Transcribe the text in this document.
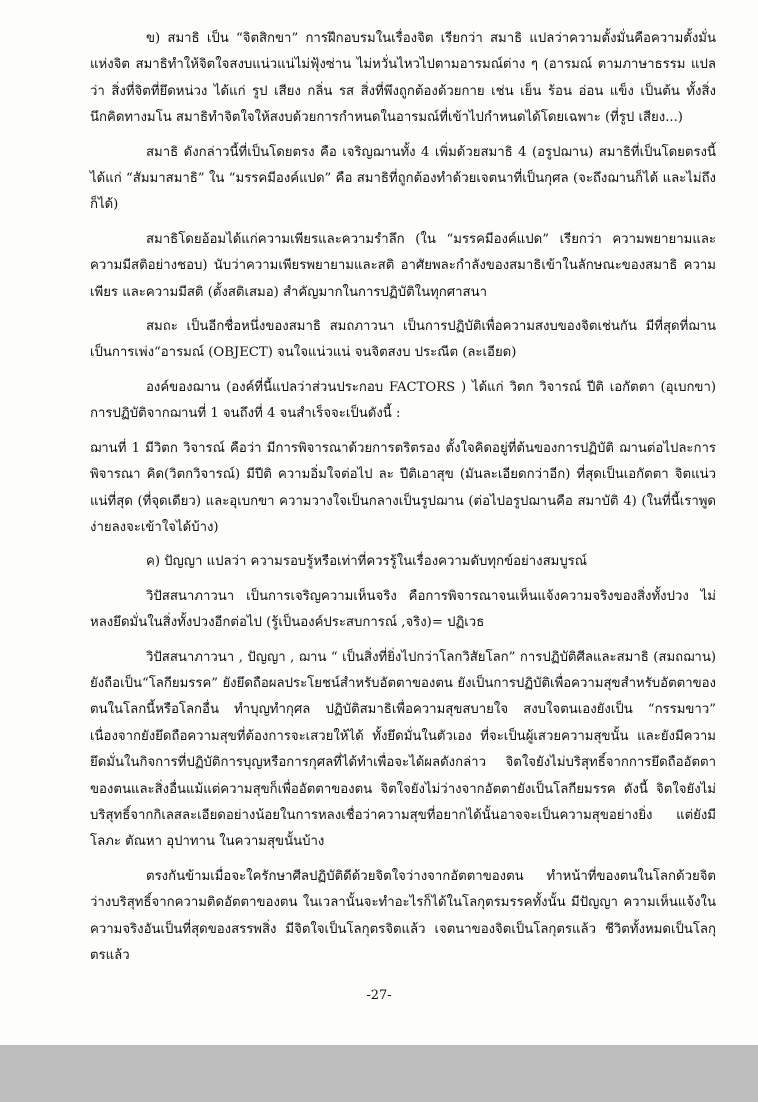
ข) สมาธิ เป็น “จิตสิกขา” การฝึกอบรมในเรื่องจิต เรียกว่า สมาธิ แปลว่าความตั้งมั่นคือความตั้งมั่นแห่งจิต สมาธิทำให้จิตใจสงบแน่วแน่ไม่ฟุ้งซ่าน ไม่หวั่นไหวไปตามอารมณ์ต่าง ๆ (อารมณ์ ตามภาษาธรรม แปลว่า สิ่งที่จิตที่ยึดหน่วง ได้แก่ รูป เสียง กลิ่น รส สิ่งที่พึงถูกต้องด้วยกาย เช่น เย็น ร้อน อ่อน แข็ง เป็นต้น ทั้งสิ่งนึกคิดทางมโน สมาธิทำจิตใจให้สงบด้วยการกำหนดในอารมณ์ที่เข้าไปกำหนดได้โดยเฉพาะ (ที่รูป เสียง...)

สมาธิ ดังกล่าวนี้ที่เป็นโดยตรง คือ เจริญฌานทั้ง 4 เพิ่มด้วยสมาธิ 4 (อรูปฌาน) สมาธิที่เป็นโดยตรงนี้ ได้แก่ “สัมมาสมาธิ” ใน “มรรคมีองค์แปด” คือ สมาธิที่ถูกต้องทำด้วยเจตนาที่เป็นกุศล (จะถึงฌานก็ได้ และไม่ถึงก็ได้)

สมาธิโดยอ้อมได้แก่ความเพียรและความรำลึก (ใน “มรรคมีองค์แปด” เรียกว่า ความพยายามและความมีสติอย่างชอบ) นับว่าความเพียรพยายามและสติ อาศัยพละกำลังของสมาธิเข้าในลักษณะของสมาธิ ความเพียร และความมีสติ (ตั้งสติเสมอ) สำคัญมากในการปฏิบัติในทุกศาสนา

สมถะ เป็นอีกชื่อหนึ่งของสมาธิ สมถภาวนา เป็นการปฏิบัติเพื่อความสงบของจิตเช่นกัน มีที่สุดที่ฌาน เป็นการเพ่ง“อารมณ์ (OBJECT) จนใจแน่วแน่ จนจิตสงบ ประณีต (ละเอียด)

องค์ของฌาน (องค์ที่นี้แปลว่าส่วนประกอบ FACTORS ) ได้แก่ วิตก วิจารณ์ ปีติ เอกัตตา (อุเบกขา) การปฏิบัติจากฌานที่ 1 จนถึงที่ 4 จนสำเร็จจะเป็นดังนี้ :

ฌานที่ 1 มีวิตก วิจารณ์ คือว่า มีการพิจารณาด้วยการตริตรอง ตั้งใจคิดอยู่ที่ต้นของการปฏิบัติ ฌานต่อไปละการพิจารณา คิด(วิตกวิจารณ์) มีปีติ ความอิ่มใจต่อไป ละ ปีติเอาสุข (มันละเอียดกว่าอีก) ที่สุดเป็นเอกัตตา จิตแน่วแน่ที่สุด (ที่จุดเดียว) และอุเบกขา ความวางใจเป็นกลางเป็นรูปฌาน (ต่อไปอรูปฌานคือ สมาบัติ 4) (ในที่นี้เราพูดง่ายลงจะเข้าใจได้บ้าง)

ค) ปัญญา แปลว่า ความรอบรู้หรือเท่าที่ควรรู้ในเรื่องความดับทุกข์อย่างสมบูรณ์

วิปัสสนาภาวนา เป็นการเจริญความเห็นจริง คือการพิจารณาจนเห็นแจ้งความจริงของสิ่งทั้งปวง ไม่หลงยึดมั่นในสิ่งทั้งปวงอีกต่อไป (รู้เป็นองค์ประสบการณ์ ,จริง)= ปฏิเวธ

วิปัสสนาภาวนา , ปัญญา , ฌาน “ เป็นสิ่งที่ยิ่งไปกว่าโลกวิสัยโลก” การปฏิบัติศีลและสมาธิ (สมถฌาน) ยังถือเป็น“โลกียมรรค” ยังยึดถือผลประโยชน์สำหรับอัตตาของตน ยังเป็นการปฏิบัติเพื่อความสุขสำหรับอัตตาของตนในโลกนี้หรือโลกอื่น ทำบุญทำกุศล ปฏิบัติสมาธิเพื่อความสุขสบายใจ สงบใจตนเองยังเป็น “กรรมขาว” เนื่องจากยังยึดถือความสุขที่ต้องการจะเสวยให้ได้ ทั้งยึดมั่นในตัวเอง ที่จะเป็นผู้เสวยความสุขนั้น และยังมีความยึดมั่นในกิจการที่ปฏิบัติการบุญหรือการกุศลที่ได้ทำเพื่อจะได้ผลดังกล่าว จิตใจยังไม่บริสุทธิ์จากการยึดถืออัตตาของตนและสิ่งอื่นแม้แต่ความสุขก็เพื่ออัตตาของตน จิตใจยังไม่ว่างจากอัตตายังเป็นโลกียมรรค ดังนี้ จิตใจยังไม่บริสุทธิ์จากกิเลสละเอียดอย่างน้อยในการหลงเชื่อว่าความสุขที่อยากได้นั้นอาจจะเป็นความสุขอย่างยิ่ง แต่ยังมี โลภะ ตัณหา อุปาทาน ในความสุขนั้นบ้าง

ตรงกันข้ามเมื่อจะใครักษาศีลปฏิบัติดีด้วยจิตใจว่างจากอัตตาของตน ทำหน้าที่ของตนในโลกด้วยจิตว่างบริสุทธิ์จากความติดอัตตาของตน ในเวลานั้นจะทำอะไรก็ได้ในโลกุตรมรรคทั้งนั้น มีปัญญา ความเห็นแจ้งในความจริงอันเป็นที่สุดของสรรพสิ่ง มีจิตใจเป็นโลกุตรจิตแล้ว เจตนาของจิตเป็นโลกุตรแล้ว ชีวิตทั้งหมดเป็นโลกุตรแล้ว

-27-
